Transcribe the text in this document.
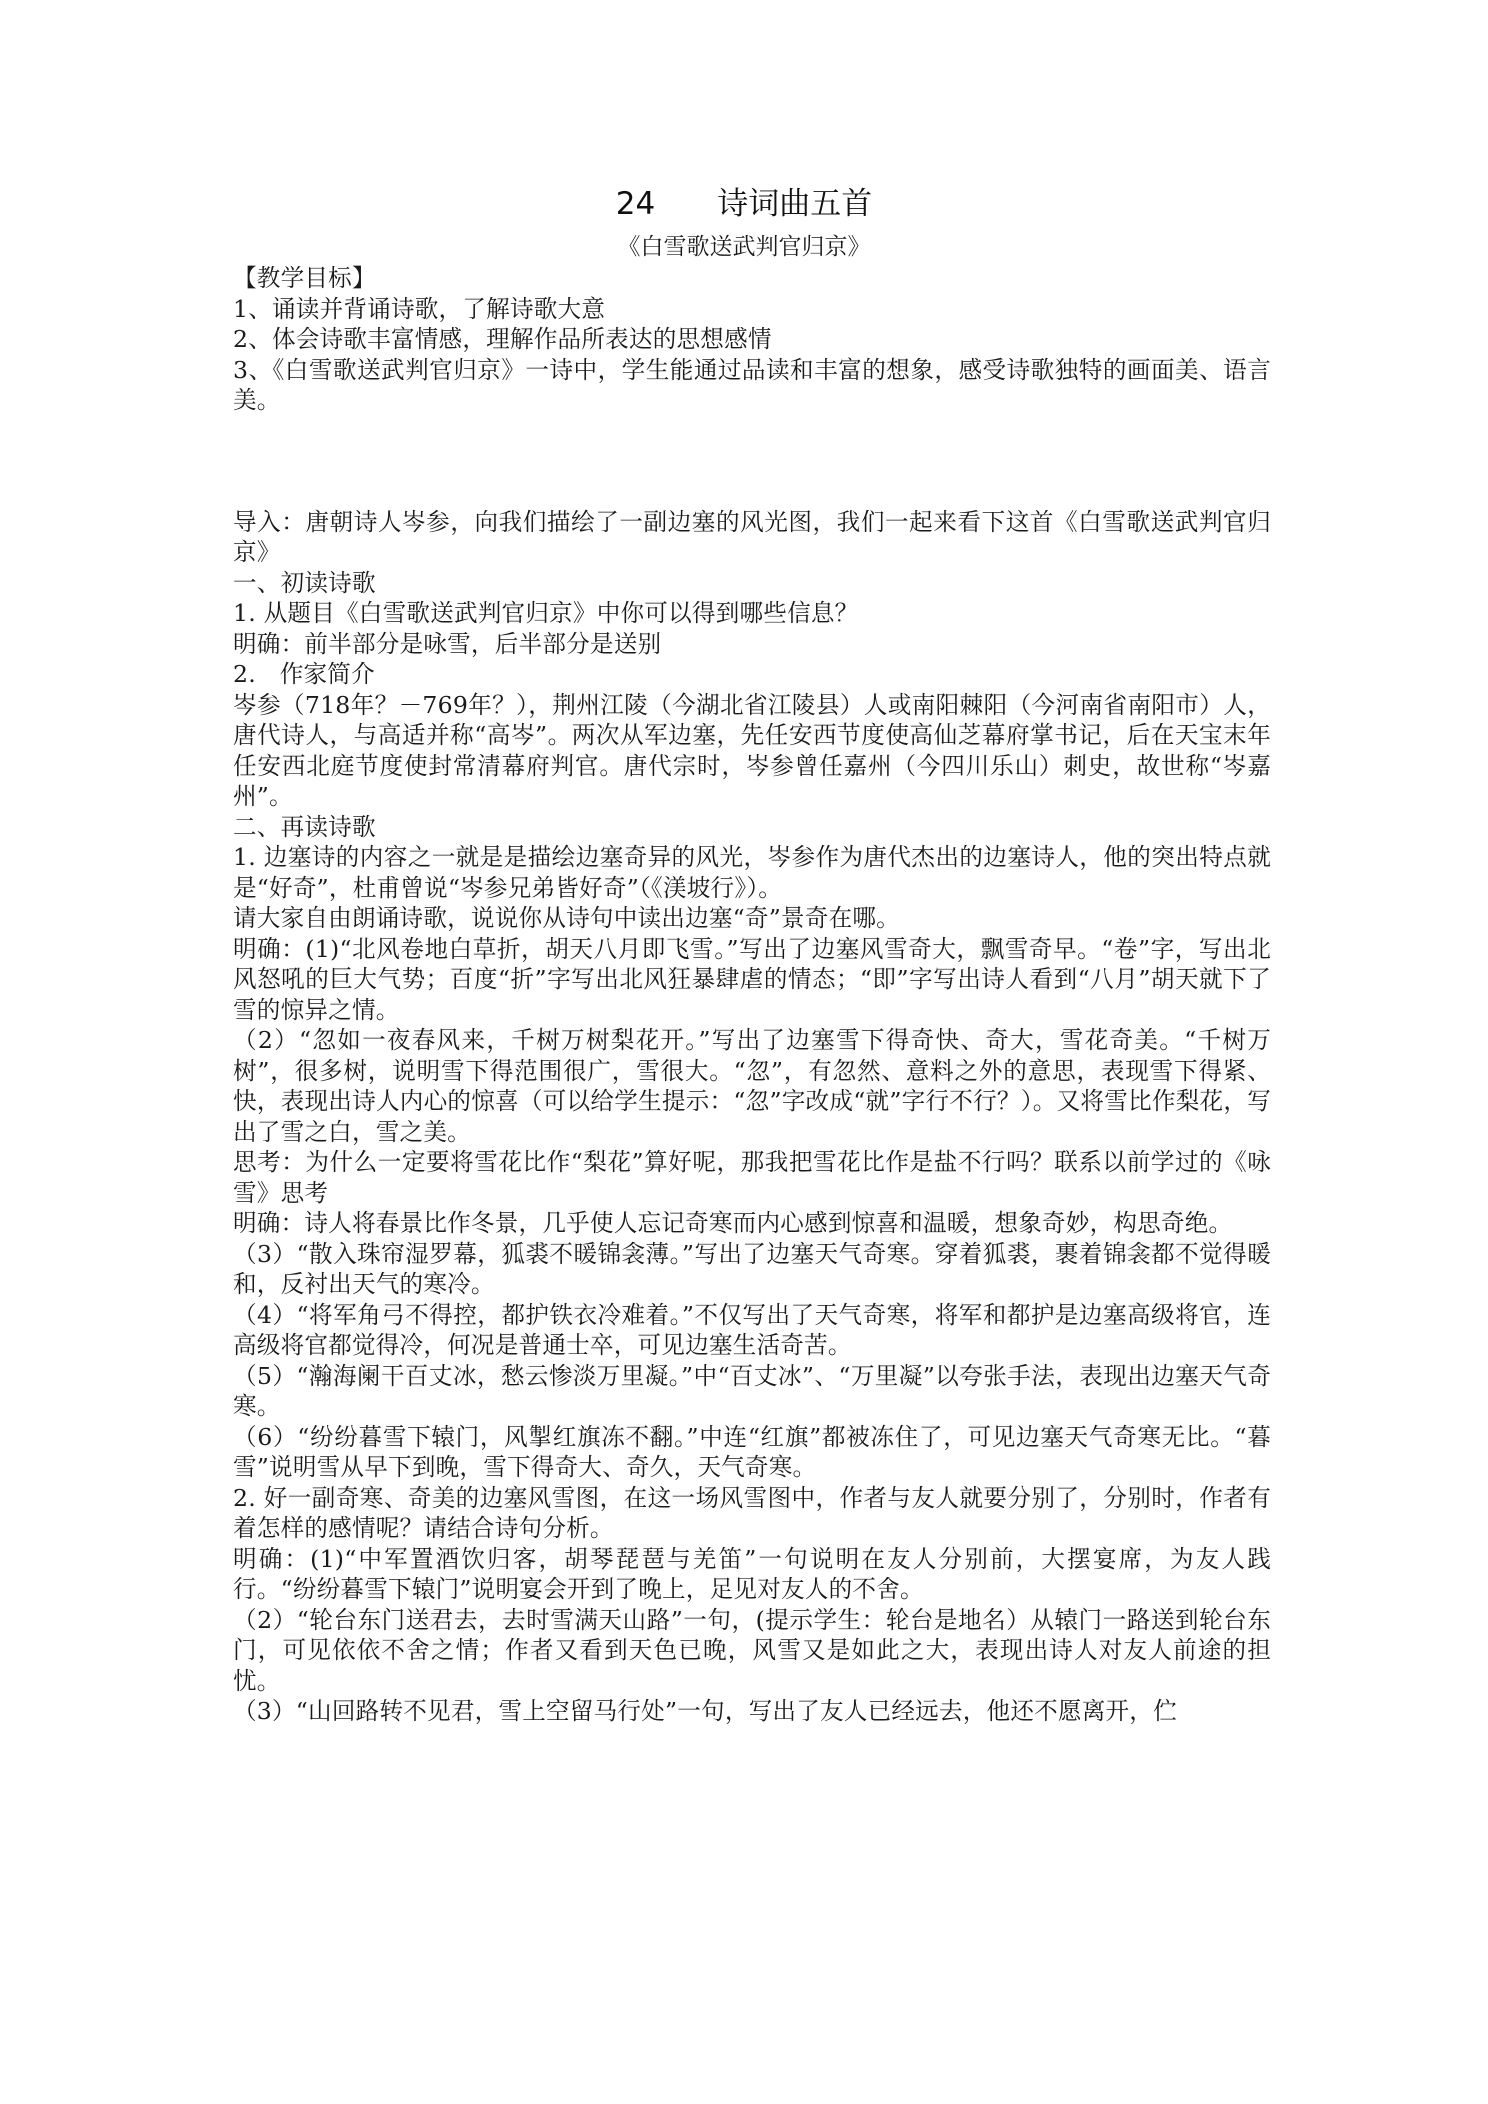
24　　诗词曲五首
《白雪歌送武判官归京》

【教学目标】

1、诵读并背诵诗歌，了解诗歌大意

2、体会诗歌丰富情感，理解作品所表达的思想感情

3、《白雪歌送武判官归京》一诗中，学生能通过品读和丰富的想象，感受诗歌独特的画面美、语言美。

导入：唐朝诗人岑参，向我们描绘了一副边塞的风光图，我们一起来看下这首《白雪歌送武判官归京》

一、初读诗歌

1. 从题目《白雪歌送武判官归京》中你可以得到哪些信息？

明确：前半部分是咏雪，后半部分是送别

2.　作家简介

岑参（718年？－769年？），荆州江陵（今湖北省江陵县）人或南阳棘阳（今河南省南阳市）人，唐代诗人，与高适并称“高岑”。两次从军边塞，先任安西节度使高仙芝幕府掌书记，后在天宝末年任安西北庭节度使封常清幕府判官。唐代宗时，岑参曾任嘉州（今四川乐山）刺史，故世称“岑嘉州”。

二、再读诗歌

1. 边塞诗的内容之一就是是描绘边塞奇异的风光，岑参作为唐代杰出的边塞诗人，他的突出特点就是“好奇”，杜甫曾说“岑参兄弟皆好奇”（《渼坡行》）。

请大家自由朗诵诗歌，说说你从诗句中读出边塞“奇”景奇在哪。

明确：(1)“北风卷地白草折，胡天八月即飞雪。”写出了边塞风雪奇大，飘雪奇早。“卷”字，写出北风怒吼的巨大气势；百度“折”字写出北风狂暴肆虐的情态；“即”字写出诗人看到“八月”胡天就下了雪的惊异之情。

（2）“忽如一夜春风来，千树万树梨花开。”写出了边塞雪下得奇快、奇大，雪花奇美。“千树万树”，很多树，说明雪下得范围很广，雪很大。“忽”，有忽然、意料之外的意思，表现雪下得紧、快，表现出诗人内心的惊喜（可以给学生提示：“忽”字改成“就”字行不行？）。又将雪比作梨花，写出了雪之白，雪之美。

思考：为什么一定要将雪花比作“梨花”算好呢，那我把雪花比作是盐不行吗？联系以前学过的《咏雪》思考

明确：诗人将春景比作冬景，几乎使人忘记奇寒而内心感到惊喜和温暖，想象奇妙，构思奇绝。

（3）“散入珠帘湿罗幕，狐裘不暖锦衾薄。”写出了边塞天气奇寒。穿着狐裘，裹着锦衾都不觉得暖和，反衬出天气的寒冷。

（4）“将军角弓不得控，都护铁衣冷难着。”不仅写出了天气奇寒，将军和都护是边塞高级将官，连高级将官都觉得冷，何况是普通士卒，可见边塞生活奇苦。

（5）“瀚海阑干百丈冰，愁云惨淡万里凝。”中“百丈冰”、“万里凝”以夸张手法，表现出边塞天气奇寒。

（6）“纷纷暮雪下辕门，风掣红旗冻不翻。”中连“红旗”都被冻住了，可见边塞天气奇寒无比。“暮雪”说明雪从早下到晚，雪下得奇大、奇久，天气奇寒。

2. 好一副奇寒、奇美的边塞风雪图，在这一场风雪图中，作者与友人就要分别了，分别时，作者有着怎样的感情呢？请结合诗句分析。

明确：(1)“中军置酒饮归客，胡琴琵琶与羌笛”一句说明在友人分别前，大摆宴席，为友人践行。“纷纷暮雪下辕门”说明宴会开到了晚上，足见对友人的不舍。

（2）“轮台东门送君去，去时雪满天山路”一句，(提示学生：轮台是地名）从辕门一路送到轮台东门，可见依依不舍之情；作者又看到天色已晚，风雪又是如此之大，表现出诗人对友人前途的担忧。

（3）“山回路转不见君，雪上空留马行处”一句，写出了友人已经远去，他还不愿离开，伫
